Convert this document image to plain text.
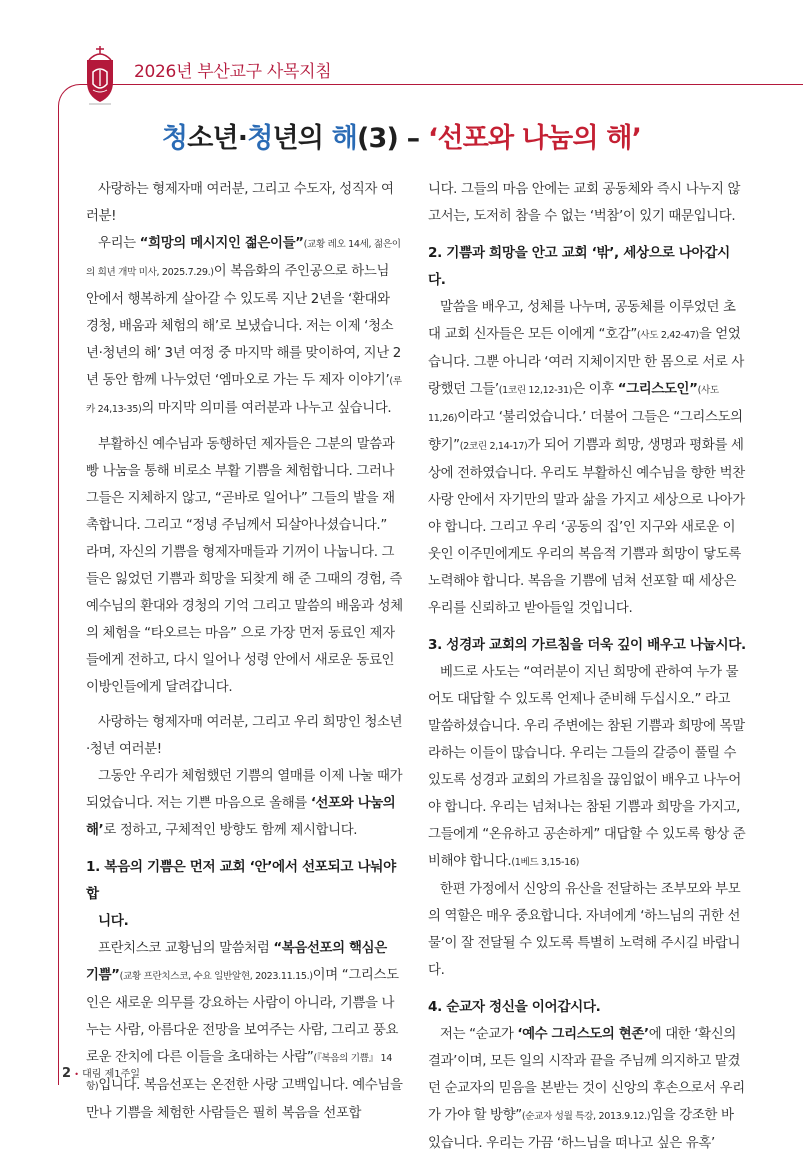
2026년 부산교구 사목지침
청소년·청년의 해(3) – ‘선포와 나눔의 해’

사랑하는 형제자매 여러분, 그리고 수도자, 성직자 여러분!

우리는 “희망의 메시지인 젊은이들”(교황 레오 14세, 젊은이의 희년 개막 미사, 2025.7.29.)이 복음화의 주인공으로 하느님 안에서 행복하게 살아갈 수 있도록 지난 2년을 ‘환대와 경청, 배움과 체험의 해’로 보냈습니다. 저는 이제 ‘청소년·청년의 해’ 3년 여정 중 마지막 해를 맞이하여, 지난 2년 동안 함께 나누었던 ‘엠마오로 가는 두 제자 이야기’(루카 24,13-35)의 마지막 의미를 여러분과 나누고 싶습니다.

부활하신 예수님과 동행하던 제자들은 그분의 말씀과 빵 나눔을 통해 비로소 부활 기쁨을 체험합니다. 그러나 그들은 지체하지 않고, “곧바로 일어나” 그들의 발을 재촉합니다. 그리고 “정녕 주님께서 되살아나셨습니다.” 라며, 자신의 기쁨을 형제자매들과 기꺼이 나눕니다. 그들은 잃었던 기쁨과 희망을 되찾게 해 준 그때의 경험, 즉 예수님의 환대와 경청의 기억 그리고 말씀의 배움과 성체의 체험을 “타오르는 마음” 으로 가장 먼저 동료인 제자들에게 전하고, 다시 일어나 성령 안에서 새로운 동료인 이방인들에게 달려갑니다.

사랑하는 형제자매 여러분, 그리고 우리 희망인 청소년·청년 여러분!

그동안 우리가 체험했던 기쁨의 열매를 이제 나눌 때가 되었습니다. 저는 기쁜 마음으로 올해를 ‘선포와 나눔의 해’로 정하고, 구체적인 방향도 함께 제시합니다.

1. 복음의 기쁨은 먼저 교회 ‘안’에서 선포되고 나눠야 합
니다.

프란치스코 교황님의 말씀처럼 “복음선포의 핵심은 기쁨”(교황 프란치스코, 수요 일반알현, 2023.11.15.)이며 “그리스도인은 새로운 의무를 강요하는 사람이 아니라, 기쁨을 나누는 사람, 아름다운 전망을 보여주는 사람, 그리고 풍요로운 잔치에 다른 이들을 초대하는 사람”(『복음의 기쁨』 14항)입니다. 복음선포는 온전한 사랑 고백입니다. 예수님을 만나 기쁨을 체험한 사람들은 필히 복음을 선포합

니다. 그들의 마음 안에는 교회 공동체와 즉시 나누지 않고서는, 도저히 참을 수 없는 ‘벅참’이 있기 때문입니다.

2. 기쁨과 희망을 안고 교회 ‘밖’, 세상으로 나아갑시다.

말씀을 배우고, 성체를 나누며, 공동체를 이루었던 초대 교회 신자들은 모든 이에게 “호감”(사도 2,42-47)을 얻었습니다. 그뿐 아니라 ‘여러 지체이지만 한 몸으로 서로 사랑했던 그들’(1코린 12,12-31)은 이후 “그리스도인”(사도 11,26)이라고 ‘불리었습니다.’ 더불어 그들은 “그리스도의 향기”(2코린 2,14-17)가 되어 기쁨과 희망, 생명과 평화를 세상에 전하였습니다. 우리도 부활하신 예수님을 향한 벅찬 사랑 안에서 자기만의 말과 삶을 가지고 세상으로 나아가야 합니다. 그리고 우리 ‘공동의 집’인 지구와 새로운 이웃인 이주민에게도 우리의 복음적 기쁨과 희망이 닿도록 노력해야 합니다. 복음을 기쁨에 넘쳐 선포할 때 세상은 우리를 신뢰하고 받아들일 것입니다.

3. 성경과 교회의 가르침을 더욱 깊이 배우고 나눕시다.

베드로 사도는 “여러분이 지닌 희망에 관하여 누가 물어도 대답할 수 있도록 언제나 준비해 두십시오.” 라고 말씀하셨습니다. 우리 주변에는 참된 기쁨과 희망에 목말라하는 이들이 많습니다. 우리는 그들의 갈증이 풀릴 수 있도록 성경과 교회의 가르침을 끊임없이 배우고 나누어야 합니다. 우리는 넘쳐나는 참된 기쁨과 희망을 가지고, 그들에게 “온유하고 공손하게” 대답할 수 있도록 항상 준비해야 합니다.(1베드 3,15-16)

한편 가정에서 신앙의 유산을 전달하는 조부모와 부모의 역할은 매우 중요합니다. 자녀에게 ‘하느님의 귀한 선물’이 잘 전달될 수 있도록 특별히 노력해 주시길 바랍니다.

4. 순교자 정신을 이어갑시다.

저는 “순교가 ‘예수 그리스도의 현존’에 대한 ‘확신의 결과’이며, 모든 일의 시작과 끝을 주님께 의지하고 맡겼던 순교자의 믿음을 본받는 것이 신앙의 후손으로서 우리가 가야 할 방향”(순교자 성월 특강, 2013.9.12.)임을 강조한 바 있습니다. 우리는 가끔 ‘하느님을 떠나고 싶은 유혹’

2 • 대림 제1주일
